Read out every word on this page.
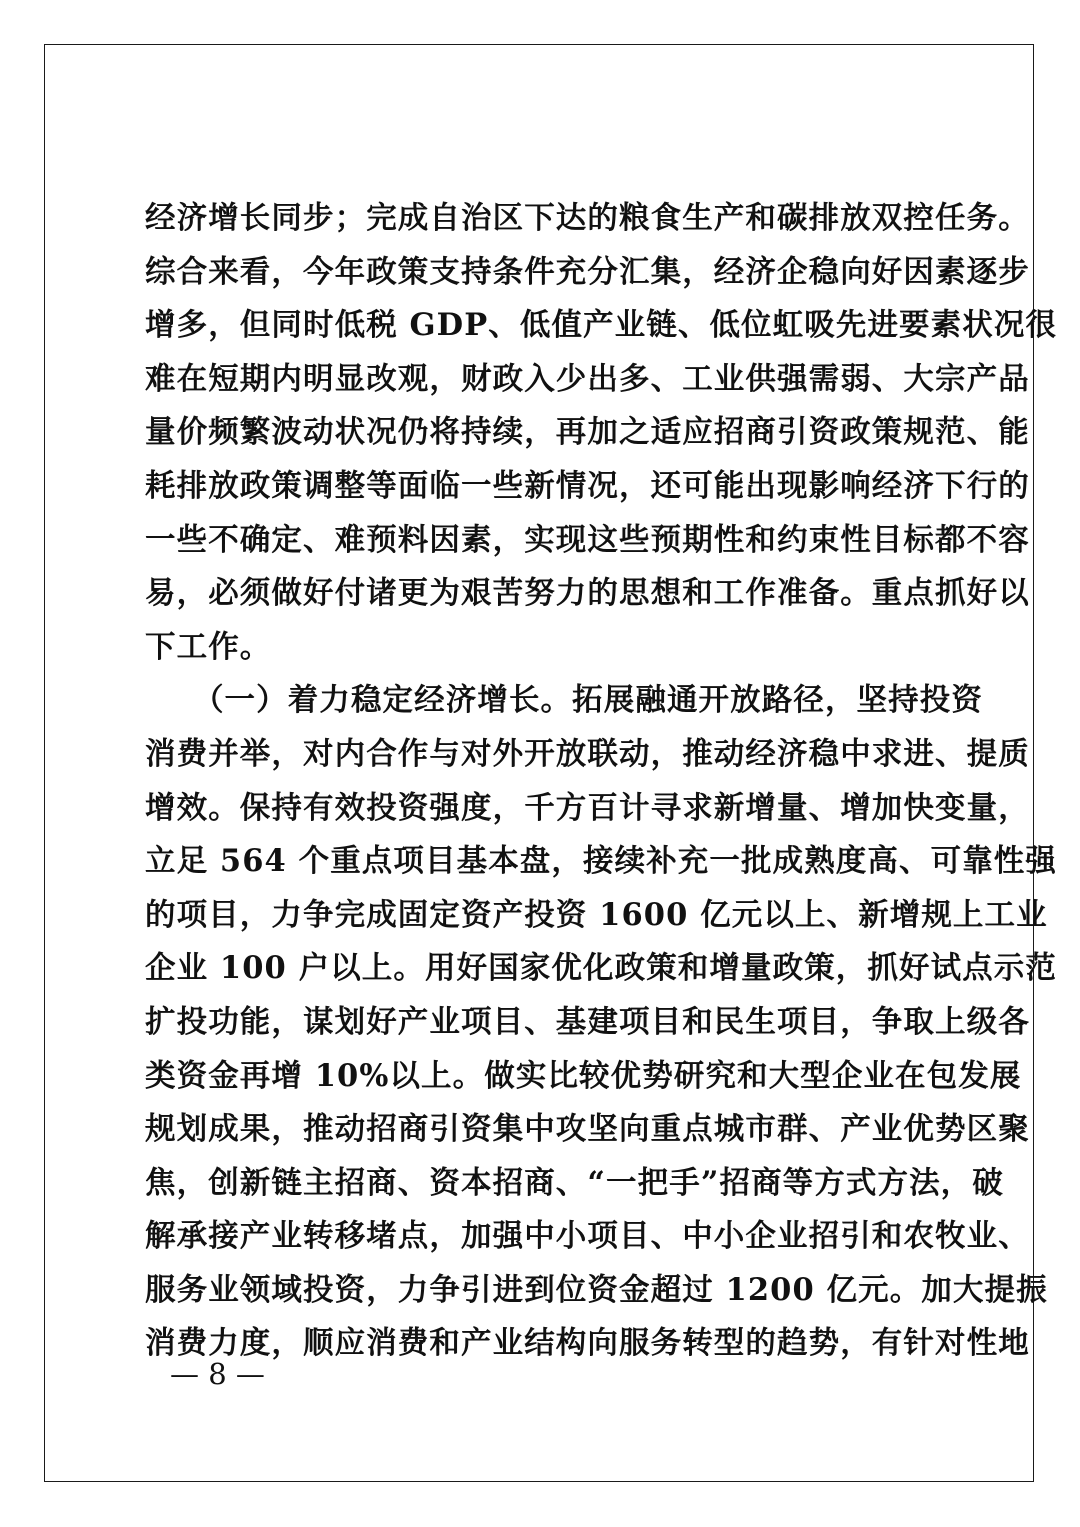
经济增长同步；完成自治区下达的粮食生产和碳排放双控任务。
综合来看，今年政策支持条件充分汇集，经济企稳向好因素逐步
增多，但同时低税 GDP、低值产业链、低位虹吸先进要素状况很
难在短期内明显改观，财政入少出多、工业供强需弱、大宗产品
量价频繁波动状况仍将持续，再加之适应招商引资政策规范、能
耗排放政策调整等面临一些新情况，还可能出现影响经济下行的
一些不确定、难预料因素，实现这些预期性和约束性目标都不容
易，必须做好付诸更为艰苦努力的思想和工作准备。重点抓好以
下工作。
　　（一）着力稳定经济增长。拓展融通开放路径，坚持投资
消费并举，对内合作与对外开放联动，推动经济稳中求进、提质
增效。保持有效投资强度，千方百计寻求新增量、增加快变量，
立足 564 个重点项目基本盘，接续补充一批成熟度高、可靠性强
的项目，力争完成固定资产投资 1600 亿元以上、新增规上工业
企业 100 户以上。用好国家优化政策和增量政策，抓好试点示范
扩投功能，谋划好产业项目、基建项目和民生项目，争取上级各
类资金再增 10%以上。做实比较优势研究和大型企业在包发展
规划成果，推动招商引资集中攻坚向重点城市群、产业优势区聚
焦，创新链主招商、资本招商、“一把手”招商等方式方法，破
解承接产业转移堵点，加强中小项目、中小企业招引和农牧业、
服务业领域投资，力争引进到位资金超过 1200 亿元。加大提振
消费力度，顺应消费和产业结构向服务转型的趋势，有针对性地
— 8 —
